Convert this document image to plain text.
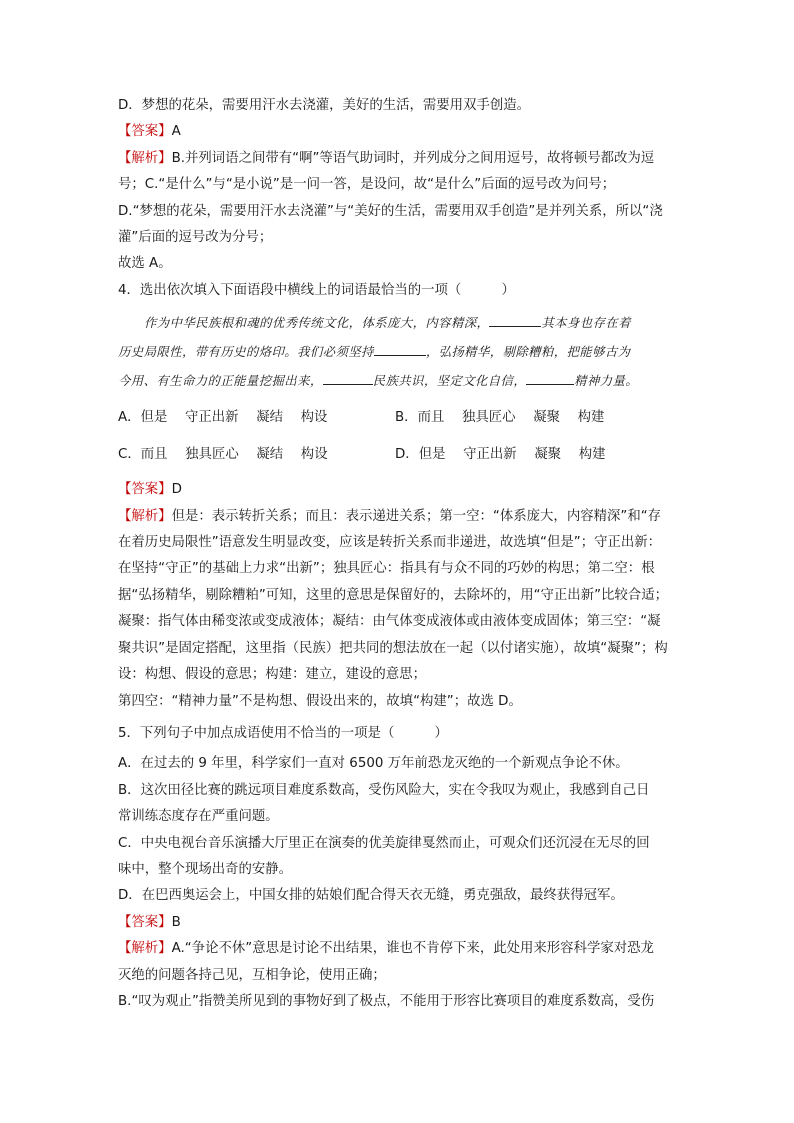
D．梦想的花朵，需要用汗水去浇灌，美好的生活，需要用双手创造。
【答案】A
【解析】B.并列词语之间带有“啊”等语气助词时，并列成分之间用逗号，故将顿号都改为逗
号；C.“是什么”与“是小说”是一问一答，是设问，故“是什么”后面的逗号改为问号；
D.“梦想的花朵，需要用汗水去浇灌”与“美好的生活，需要用双手创造”是并列关系，所以“浇
灌”后面的逗号改为分号；
故选 A。
4．选出依次填入下面语段中横线上的词语最恰当的一项（　　　）
作为中华民族根和魂的优秀传统文化，体系庞大，内容精深，	其本身也存在着
历史局限性，带有历史的烙印。我们必须坚持	，弘扬精华，剔除糟粕，把能够古为
今用、有生命力的正能量挖掘出来，	民族共识，坚定文化自信，	精神力量。
A．但是　 守正出新　 凝结　 构设	B．而且　 独具匠心　 凝聚　 构建
C．而且　 独具匠心　 凝结　 构设	D．但是　 守正出新　 凝聚　 构建
【答案】D
【解析】但是：表示转折关系；而且：表示递进关系；第一空：“体系庞大，内容精深”和“存
在着历史局限性”语意发生明显改变，应该是转折关系而非递进，故选填“但是”；守正出新：
在坚持“守正”的基础上力求“出新”；独具匠心：指具有与众不同的巧妙的构思；第二空：根
据“弘扬精华，剔除糟粕”可知，这里的意思是保留好的，去除坏的，用“守正出新”比较合适；
凝聚：指气体由稀变浓或变成液体；凝结：由气体变成液体或由液体变成固体；第三空：“凝
聚共识”是固定搭配，这里指（民族）把共同的想法放在一起（以付诸实施），故填“凝聚”；构
设：构想、假设的意思；构建：建立，建设的意思；
第四空：“精神力量”不是构想、假设出来的，故填“构建”；故选 D。
5．下列句子中加点成语使用不恰当的一项是（　　　）
A．在过去的 9 年里，科学家们一直对 6500 万年前恐龙灭绝的一个新观点争论不休。
B．这次田径比赛的跳远项目难度系数高，受伤风险大，实在令我叹为观止，我感到自己日
常训练态度存在严重问题。
C．中央电视台音乐演播大厅里正在演奏的优美旋律戛然而止，可观众们还沉浸在无尽的回
味中，整个现场出奇的安静。
D．在巴西奥运会上，中国女排的姑娘们配合得天衣无缝，勇克强敌，最终获得冠军。
【答案】B
【解析】A.“争论不休”意思是讨论不出结果，谁也不肯停下来，此处用来形容科学家对恐龙
灭绝的问题各持己见，互相争论，使用正确；
B.“叹为观止”指赞美所见到的事物好到了极点，不能用于形容比赛项目的难度系数高，受伤
